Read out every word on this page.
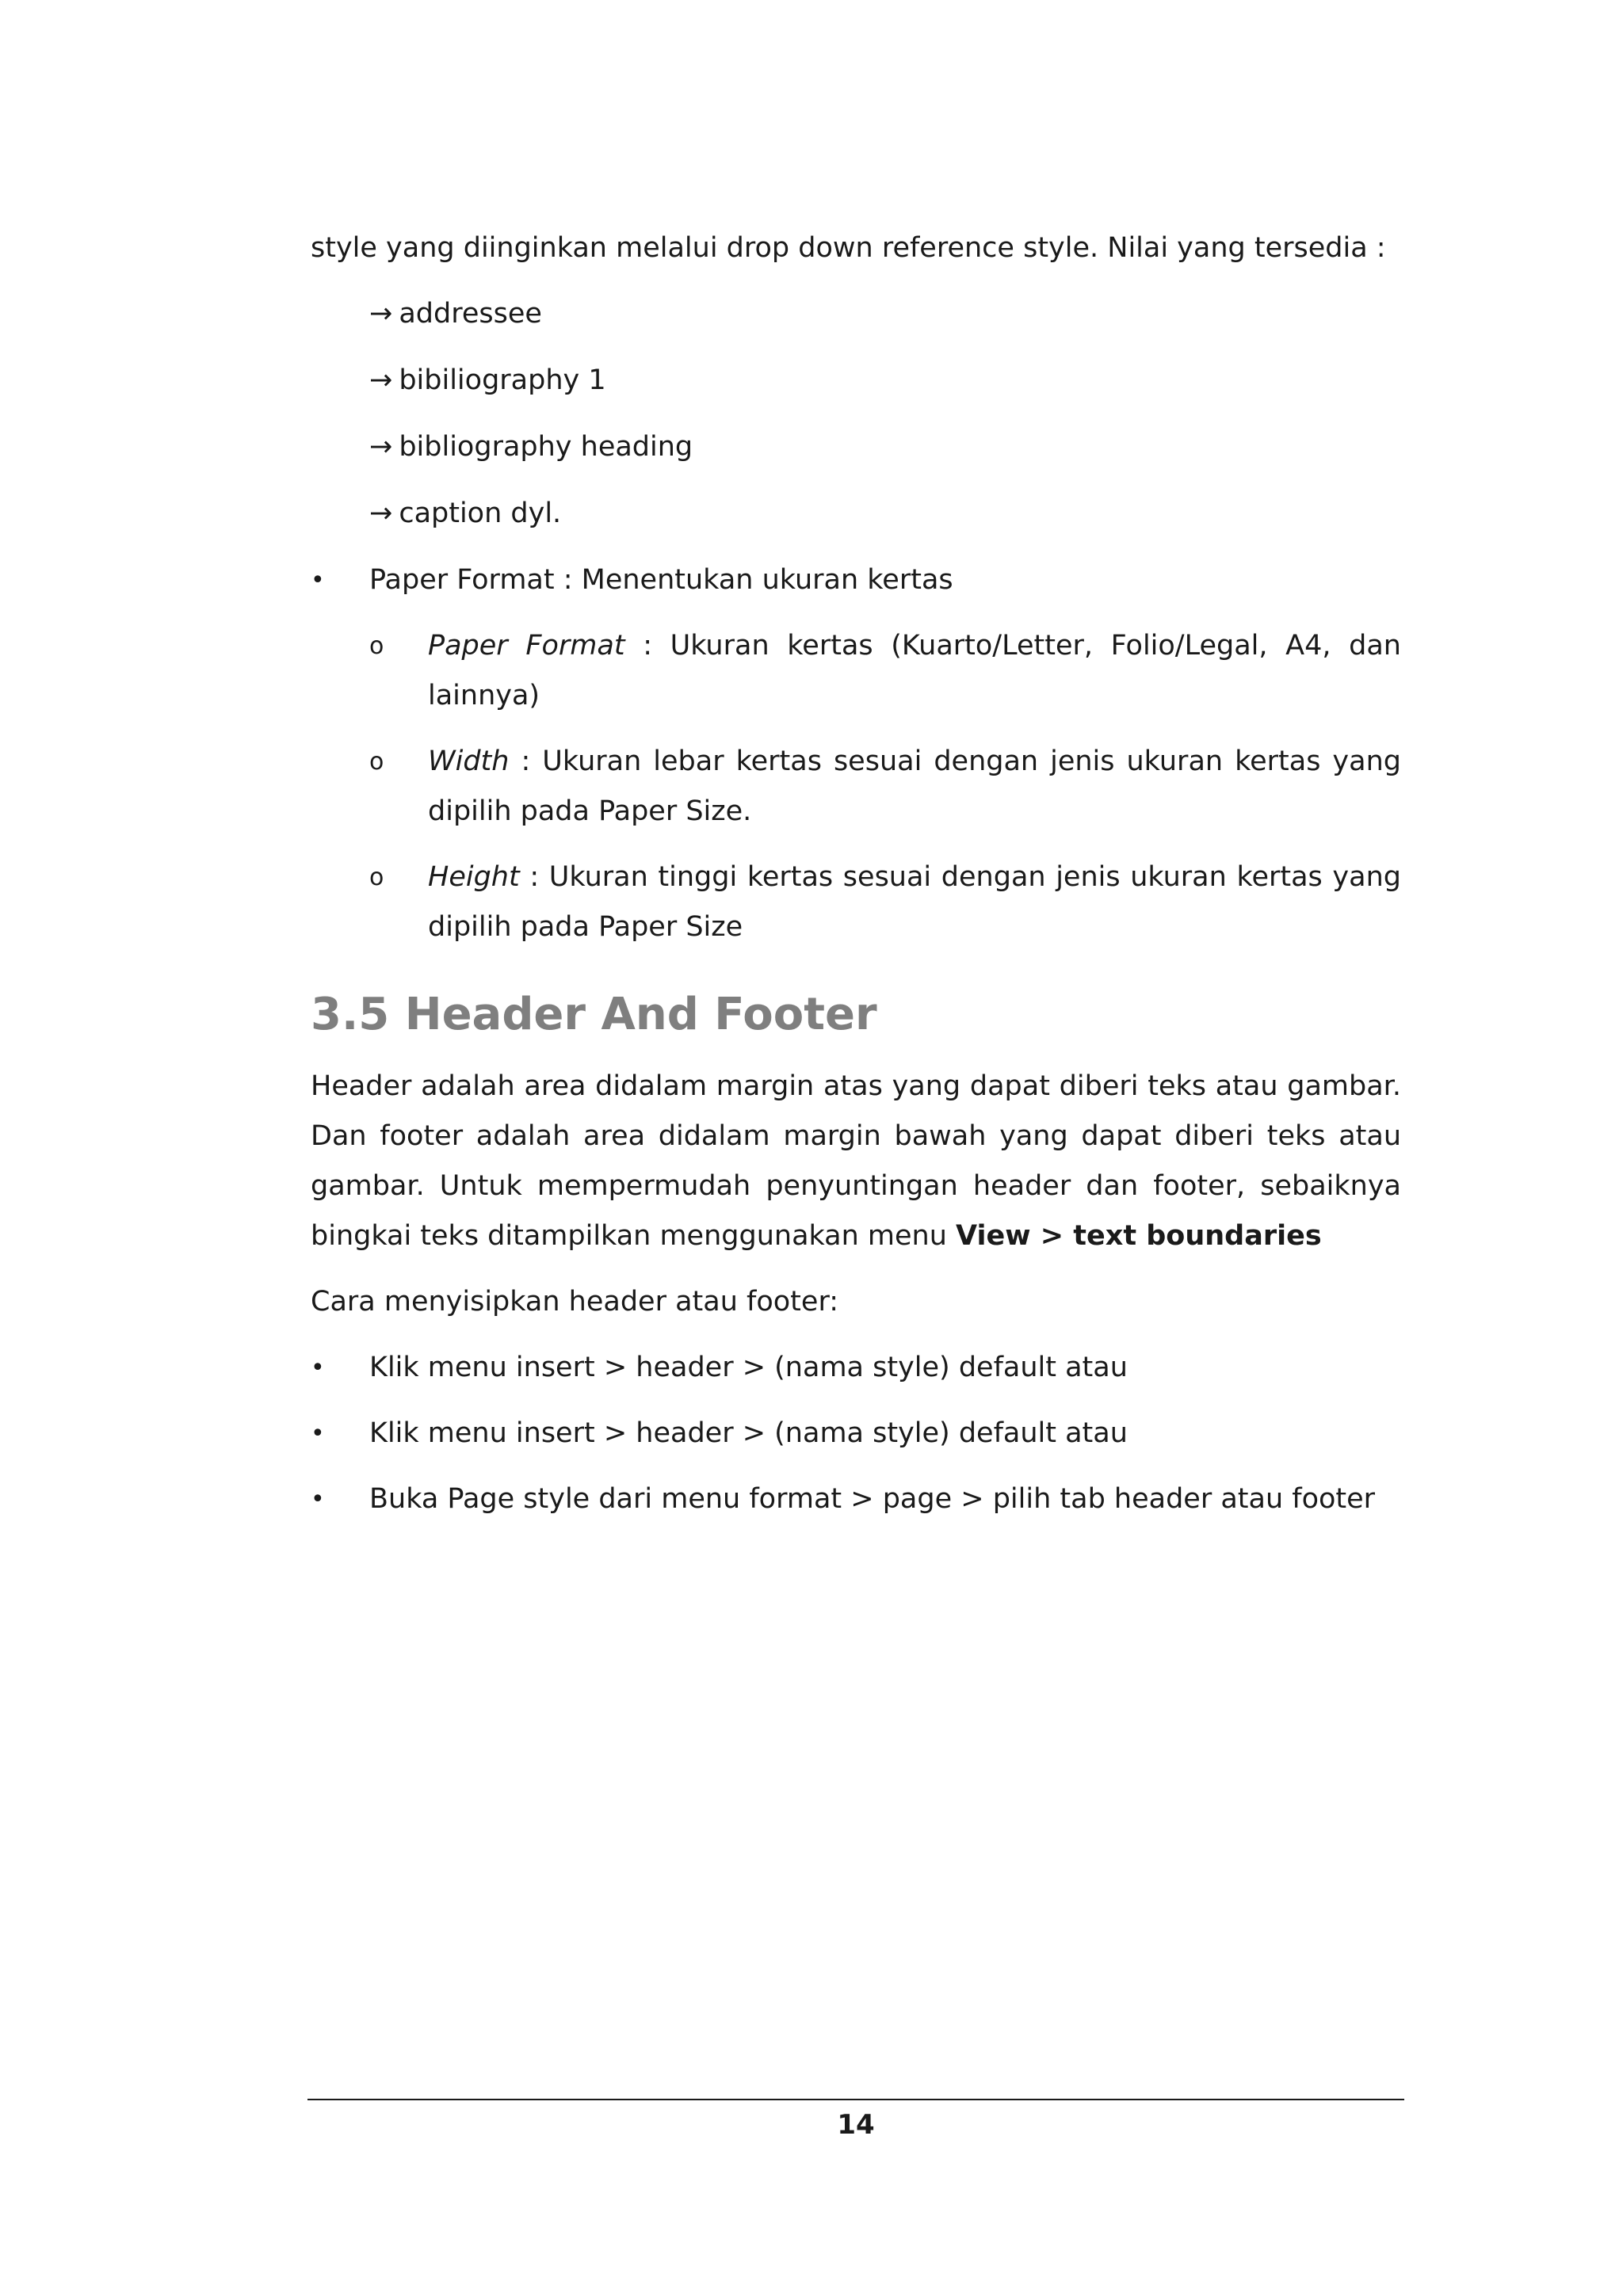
style yang diinginkan melalui drop down reference style. Nilai yang tersedia :

→ addressee
→ bibiliography 1
→ bibliography heading
→ caption dyl.
•	Paper Format : Menentukan ukuran kertas
o	Paper Format : Ukuran kertas (Kuarto/Letter, Folio/Legal, A4, dan lainnya)
o	Width : Ukuran lebar kertas sesuai dengan jenis ukuran kertas yang dipilih pada Paper Size.
o	Height : Ukuran tinggi kertas sesuai dengan jenis ukuran kertas yang dipilih pada Paper Size
3.5 Header And Footer

Header adalah area didalam margin atas yang dapat diberi teks atau gambar. Dan footer adalah area didalam margin bawah yang dapat diberi teks atau gambar. Untuk mempermudah penyuntingan header dan footer, sebaiknya bingkai teks ditampilkan menggunakan menu View > text boundaries

Cara menyisipkan header atau footer:

•	Klik menu insert > header > (nama style) default atau
•	Klik menu insert > header > (nama style) default atau
•	Buka Page style dari menu format > page > pilih tab header atau footer
14
